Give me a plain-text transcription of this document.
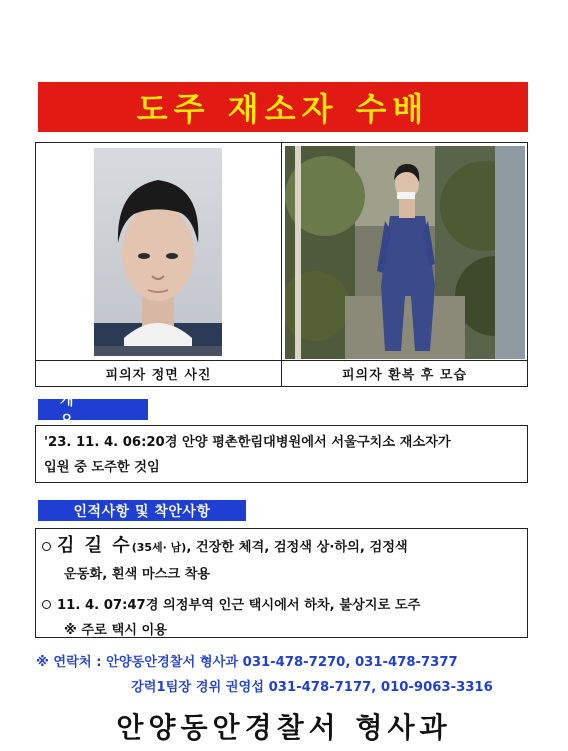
도주 재소자 수배
피의자 정면 사진	피의자 환복 후 모습
개 요
'23. 11. 4. 06:20경 안양 평촌한림대병원에서 서울구치소 재소자가
입원 중 도주한 것임
인적사항 및 착안사항
김 길 수(35세· 남), 건장한 체격, 검정색 상·하의, 검정색
운동화, 흰색 마스크 착용
11. 4. 07:47경 의정부역 인근 택시에서 하차, 불상지로 도주
※ 주로 택시 이용
※ 연락처 : 안양동안경찰서 형사과 031-478-7270, 031-478-7377
강력1팀장 경위 권영섭 031-478-7177, 010-9063-3316
안양동안경찰서 형사과
